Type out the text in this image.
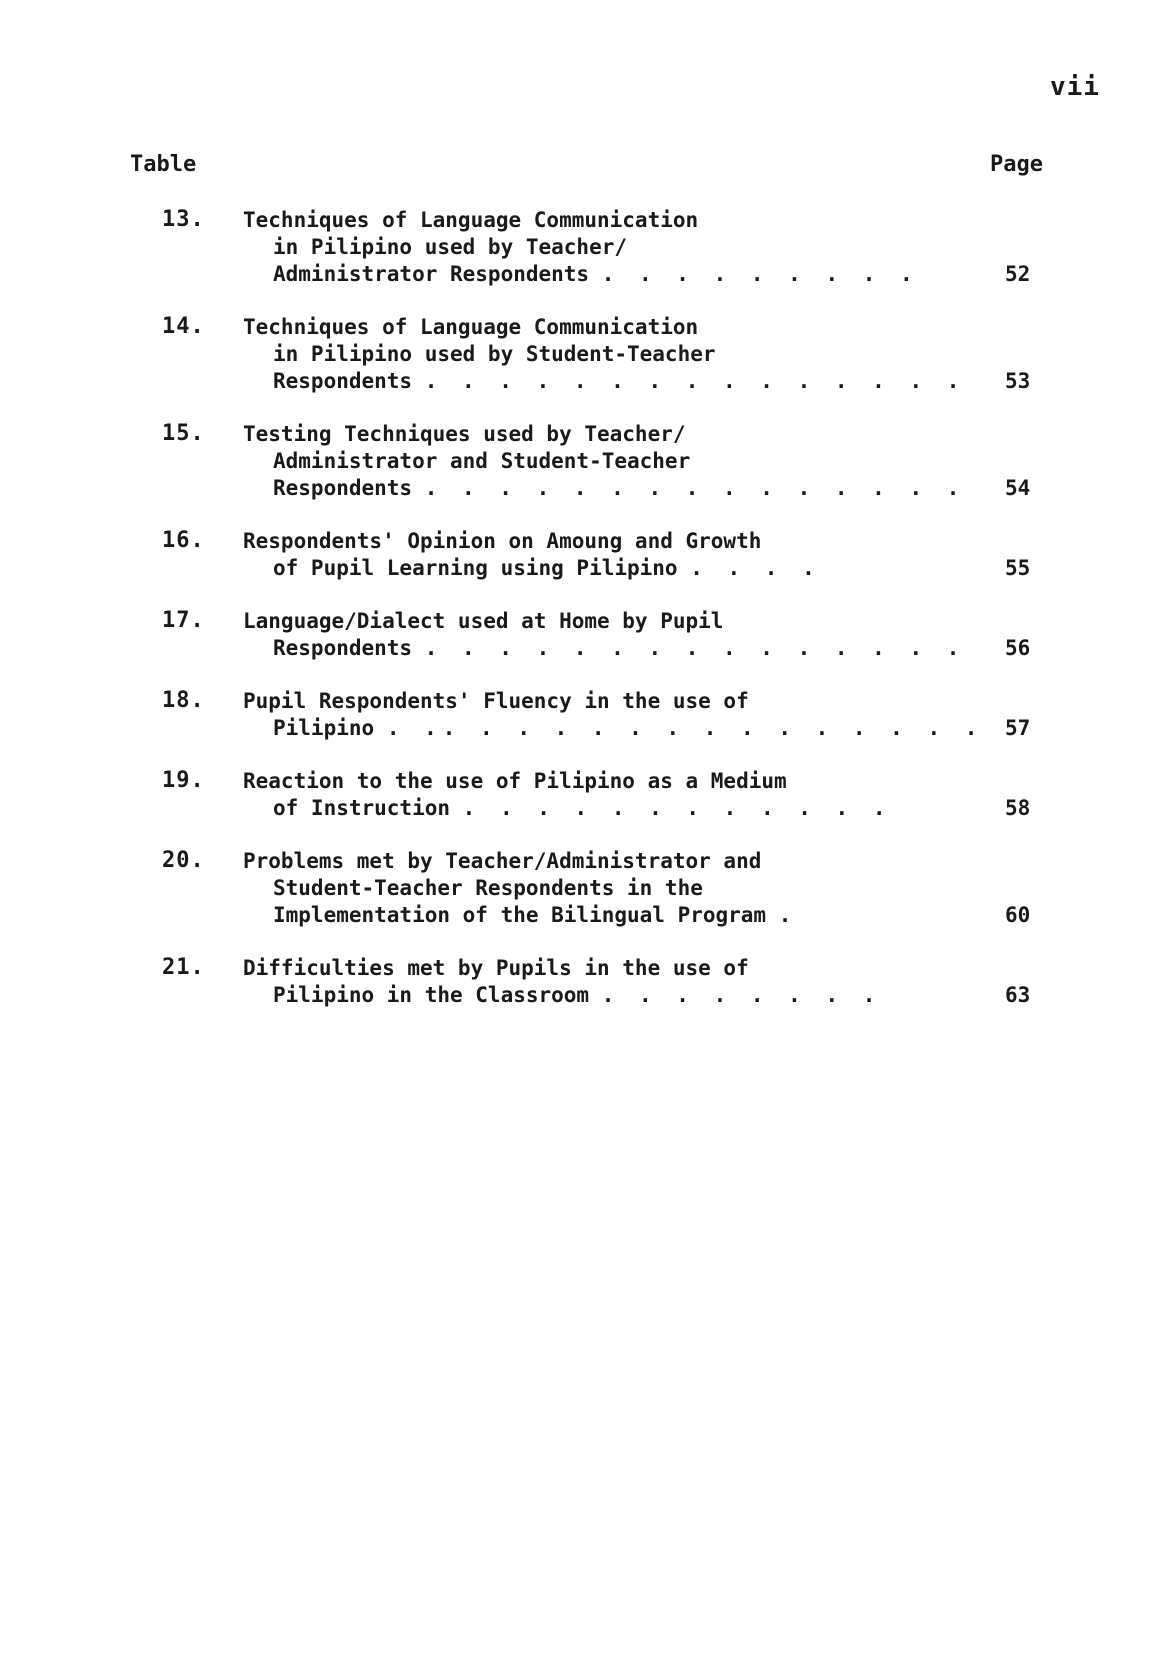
vii
Table	Page
13. Techniques of Language Communication
in Pilipino used by Teacher/
Administrator Respondents . . . . . . . . .	52
14. Techniques of Language Communication
in Pilipino used by Student-Teacher
Respondents . . . . . . . . . . . . . . . 53
15. Testing Techniques used by Teacher/
Administrator and Student-Teacher
Respondents . . . . . . . . . . . . . . . 54
16. Respondents' Opinion on Amoung and Growth
of Pupil Learning using Pilipino . . . .	55
17. Language/Dialect used at Home by Pupil
Respondents . . . . . . . . . . . . . . . 56
18. Pupil Respondents' Fluency in the use of
Pilipino . .. . . . . . . . . . . . . . . 57
19. Reaction to the use of Pilipino as a Medium
of Instruction . . . . . . . . . . . .	58
20. Problems met by Teacher/Administrator and
Student-Teacher Respondents in the
Implementation of the Bilingual Program .	60
21. Difficulties met by Pupils in the use of
Pilipino in the Classroom . . . . . . . .	63
